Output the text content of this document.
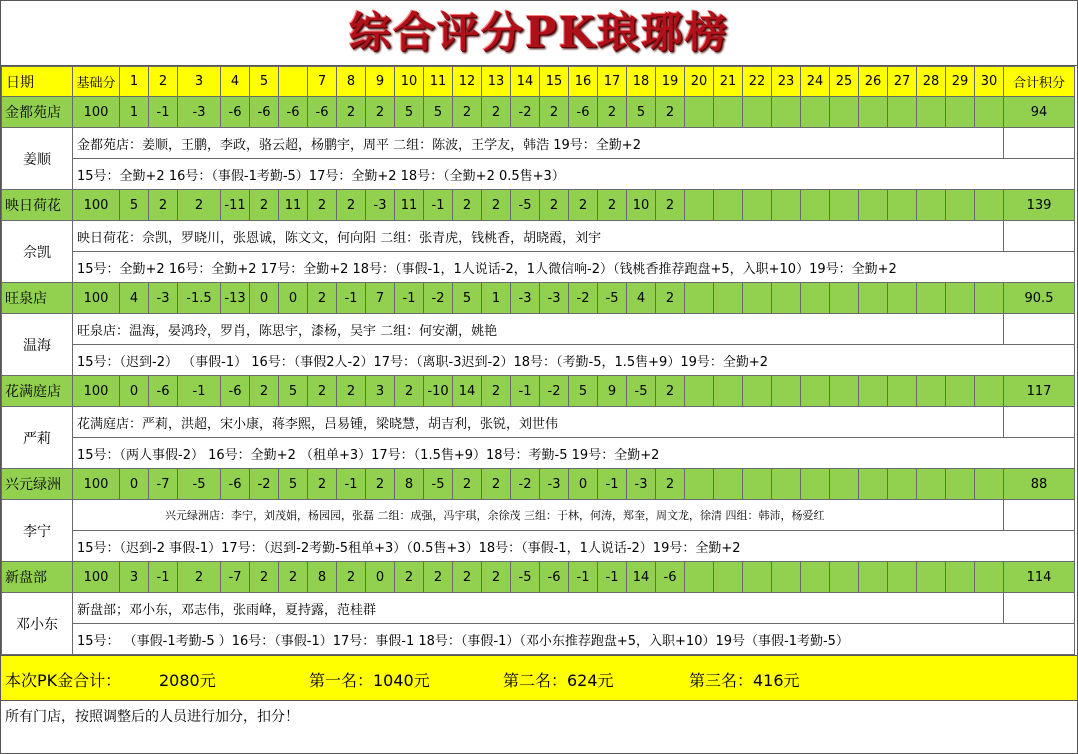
综合评分PK琅琊榜
日期	基础分	1	2	3	4	5		7	8	9	10	11	12	13	14	15	16	17	18	19	20	21	22	23	24	25	26	27	28	29	30	合计积分
金都苑店	100	1	-1	-3	-6	-6	-6	-6	2	2	5	5	2	2	-2	2	-6	2	5	2												94
姜顺	金都苑店：姜顺，王鹏，李政，骆云超，杨鹏宇，周平 二组：陈波，王学友，韩浩 19号：全勤+2																															
	15号：全勤+2 16号：（事假-1考勤-5）17号：全勤+2 18号：（全勤+2 0.5售+3）																															
映日荷花	100	5	2	2	-11	2	11	2	2	-3	11	-1	2	2	-5	2	2	2	10	2												139
佘凯	映日荷花：佘凯，罗晓川，张恩诚，陈文文，何向阳 二组：张青虎，钱桃香，胡晓霞，刘宇																															
	15号：全勤+2 16号：全勤+2 17号：全勤+2 18号：（事假-1，1人说话-2，1人微信响-2）（钱桃香推荐跑盘+5，入职+10）19号：全勤+2																															
旺泉店	100	4	-3	-1.5	-13	0	0	2	-1	7	-1	-2	5	1	-3	-3	-2	-5	4	2												90.5
温海	旺泉店：温海，晏鸿玲，罗肖，陈思宇，漆杨，吴宇 二组：何安潮，姚艳																															
	15号：（迟到-2） （事假-1） 16号：（事假2人-2）17号：（离职-3迟到-2）18号：（考勤-5，1.5售+9）19号：全勤+2																															
花满庭店	100	0	-6	-1	-6	2	5	2	2	3	2	-10	14	2	-1	-2	5	9	-5	2												117
严莉	花满庭店：严莉，洪超，宋小康，蒋李熙，吕易锺，梁晓慧，胡吉利，张锐，刘世伟																															
	15号：（两人事假-2） 16号：全勤+2 （租单+3）17号：（1.5售+9）18号：考勤-5 19号：全勤+2																															
兴元绿洲	100	0	-7	-5	-6	-2	5	2	-1	2	8	-5	2	2	-2	-3	0	-1	-3	2												88
李宁	兴元绿洲店：李宁，刘茂娟，杨园园，张磊 二组：成强，冯宇琪，余徐茂 三组：于林，何涛，郑奎，周文龙，徐清 四组：韩沛，杨爱红																															
	15号：（迟到-2 事假-1）17号：（迟到-2考勤-5租单+3）（0.5售+3）18号：（事假-1，1人说话-2）19号：全勤+2																															
新盘部	100	3	-1	2	-7	2	2	8	2	0	2	2	2	2	-5	-6	-1	-1	14	-6												114
邓小东	新盘部；邓小东，邓志伟，张雨峰，夏持露，范桂群																															
	15号： （事假-1考勤-5 ）16号：（事假-1）17号：事假-1 18号：（事假-1）（邓小东推荐跑盘+5，入职+10）19号（事假-1考勤-5）																															
本次PK金合计： 2080元	第一名：1040元	第二名：624元	第三名：416元
所有门店，按照调整后的人员进行加分，扣分！
